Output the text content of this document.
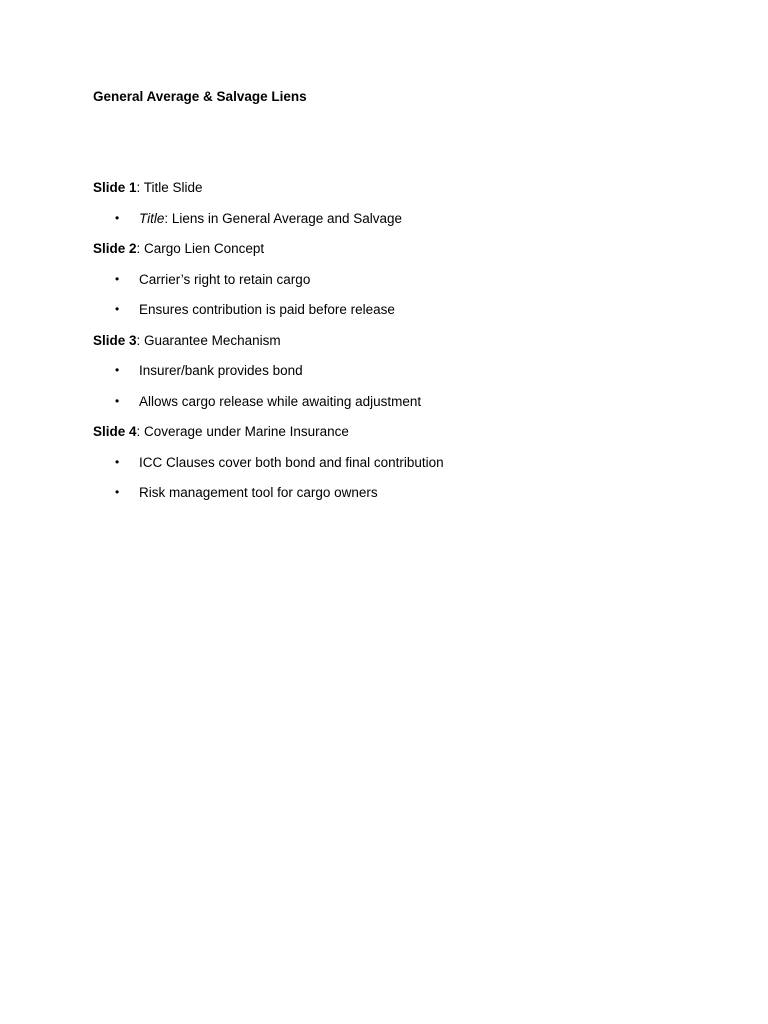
General Average & Salvage Liens
Slide 1: Title Slide
• Title: Liens in General Average and Salvage
Slide 2: Cargo Lien Concept
• Carrier’s right to retain cargo
• Ensures contribution is paid before release
Slide 3: Guarantee Mechanism
• Insurer/bank provides bond
• Allows cargo release while awaiting adjustment
Slide 4: Coverage under Marine Insurance
• ICC Clauses cover both bond and final contribution
• Risk management tool for cargo owners
